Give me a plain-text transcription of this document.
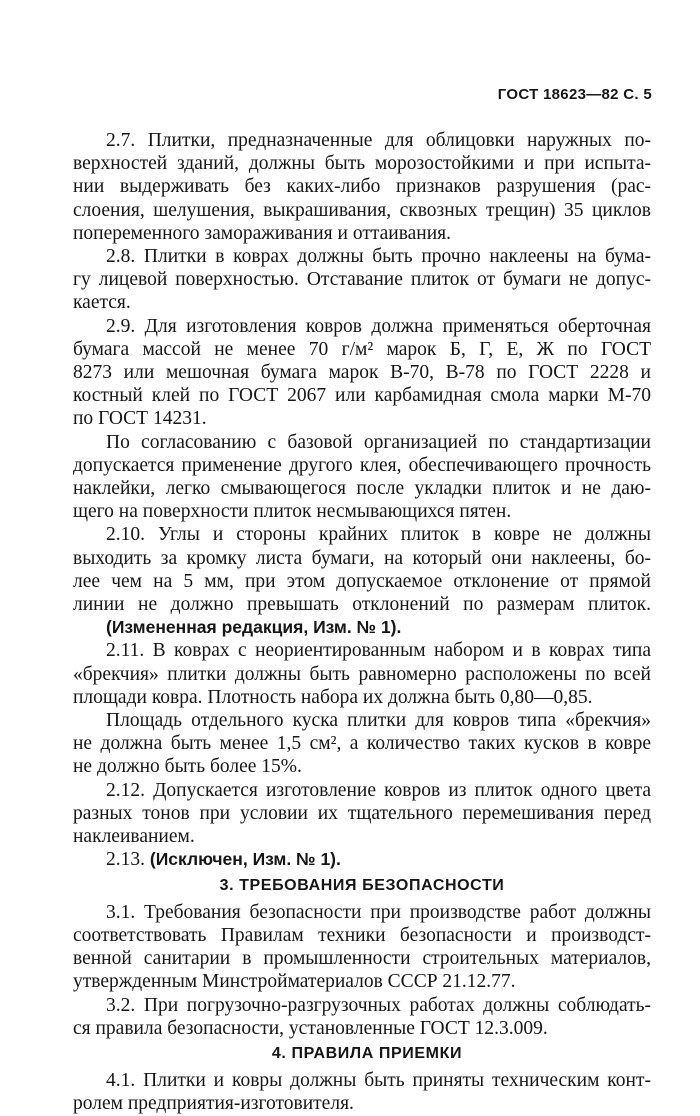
ГОСТ 18623—82 С. 5
2.7. Плитки, предназначенные для облицовки наружных по-
верхностей зданий, должны быть морозостойкими и при испыта-
нии выдерживать без каких-либо признаков разрушения (рас-
слоения, шелушения, выкрашивания, сквозных трещин) 35 циклов
попеременного замораживания и оттаивания.
2.8. Плитки в коврах должны быть прочно наклеены на бума-
гу лицевой поверхностью. Отставание плиток от бумаги не допус-
кается.
2.9. Для изготовления ковров должна применяться оберточная
бумага массой не менее 70 г/м² марок Б, Г, Е, Ж по ГОСТ
8273 или мешочная бумага марок В-70, В-78 по ГОСТ 2228 и
костный клей по ГОСТ 2067 или карбамидная смола марки М-70
по ГОСТ 14231.
По согласованию с базовой организацией по стандартизации
допускается применение другого клея, обеспечивающего прочность
наклейки, легко смывающегося после укладки плиток и не даю-
щего на поверхности плиток несмывающихся пятен.
2.10. Углы и стороны крайних плиток в ковре не должны
выходить за кромку листа бумаги, на который они наклеены, бо-
лее чем на 5 мм, при этом допускаемое отклонение от прямой
линии не должно превышать отклонений по размерам плиток.
(Измененная редакция, Изм. № 1).
2.11. В коврах с неориентированным набором и в коврах типа
«брекчия» плитки должны быть равномерно расположены по всей
площади ковра. Плотность набора их должна быть 0,80—0,85.
Площадь отдельного куска плитки для ковров типа «брекчия»
не должна быть менее 1,5 см², а количество таких кусков в ковре
не должно быть более 15%.
2.12. Допускается изготовление ковров из плиток одного цвета
разных тонов при условии их тщательного перемешивания перед
наклеиванием.
2.13. (Исключен, Изм. № 1).
3. ТРЕБОВАНИЯ БЕЗОПАСНОСТИ
3.1. Требования безопасности при производстве работ должны
соответствовать Правилам техники безопасности и производст-
венной санитарии в промышленности строительных материалов,
утвержденным Минстройматериалов СССР 21.12.77.
3.2. При погрузочно-разгрузочных работах должны соблюдать-
ся правила безопасности, установленные ГОСТ 12.3.009.
4. ПРАВИЛА ПРИЕМКИ
4.1. Плитки и ковры должны быть приняты техническим конт-
ролем предприятия-изготовителя.
